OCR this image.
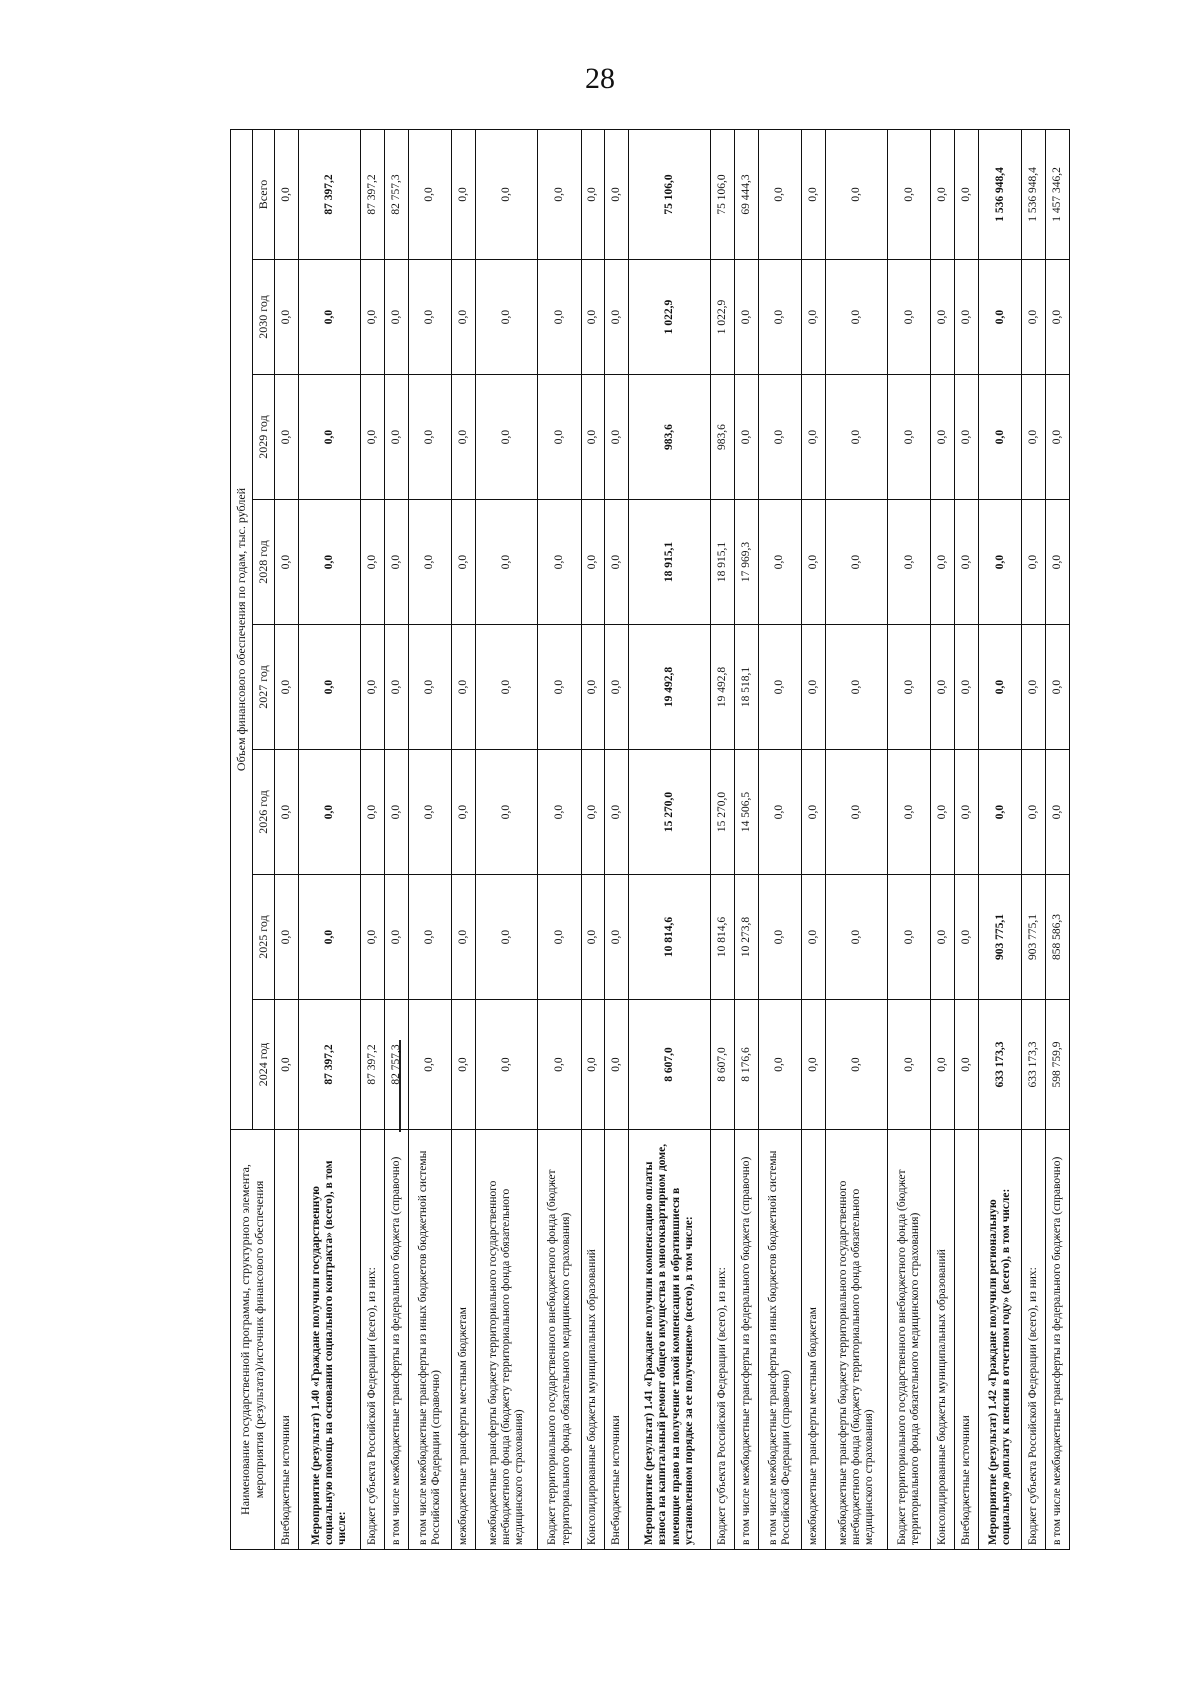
28
Наименование государственной программы, структурного элемента, мероприятия (результата)/источник финансового обеспечения	Объем финансового обеспечения по годам, тыс. рублей							
	2024 год	2025 год	2026 год	2027 год	2028 год	2029 год	2030 год	Всего
Внебюджетные источники	0,0	0,0	0,0	0,0	0,0	0,0	0,0	0,0
Мероприятие (результат) 1.40 «Граждане получили государственную социальную помощь на основании социального контракта» (всего), в том числе:	87 397,2	0,0	0,0	0,0	0,0	0,0	0,0	87 397,2
Бюджет субъекта Российской Федерации (всего), из них:	87 397,2	0,0	0,0	0,0	0,0	0,0	0,0	87 397,2
в том числе межбюджетные трансферты из федерального бюджета (справочно)	82 757,3	0,0	0,0	0,0	0,0	0,0	0,0	82 757,3
в том числе межбюджетные трансферты из иных бюджетов бюджетной системы Российской Федерации (справочно)	0,0	0,0	0,0	0,0	0,0	0,0	0,0	0,0
межбюджетные трансферты местным бюджетам	0,0	0,0	0,0	0,0	0,0	0,0	0,0	0,0
межбюджетные трансферты бюджету территориального государственного внебюджетного фонда (бюджету территориального фонда обязательного медицинского страхования)	0,0	0,0	0,0	0,0	0,0	0,0	0,0	0,0
Бюджет территориального государственного внебюджетного фонда (бюджет территориального фонда обязательного медицинского страхования)	0,0	0,0	0,0	0,0	0,0	0,0	0,0	0,0
Консолидированные бюджеты муниципальных образований	0,0	0,0	0,0	0,0	0,0	0,0	0,0	0,0
Внебюджетные источники	0,0	0,0	0,0	0,0	0,0	0,0	0,0	0,0
Мероприятие (результат) 1.41 «Граждане получили компенсацию оплаты взноса на капитальный ремонт общего имущества в многоквартирном доме, имеющие право на получение такой компенсации и обратившиеся в установленном порядке за ее получением» (всего), в том числе:	8 607,0	10 814,6	15 270,0	19 492,8	18 915,1	983,6	1 022,9	75 106,0
Бюджет субъекта Российской Федерации (всего), из них:	8 607,0	10 814,6	15 270,0	19 492,8	18 915,1	983,6	1 022,9	75 106,0
в том числе межбюджетные трансферты из федерального бюджета (справочно)	8 176,6	10 273,8	14 506,5	18 518,1	17 969,3	0,0	0,0	69 444,3
в том числе межбюджетные трансферты из иных бюджетов бюджетной системы Российской Федерации (справочно)	0,0	0,0	0,0	0,0	0,0	0,0	0,0	0,0
межбюджетные трансферты местным бюджетам	0,0	0,0	0,0	0,0	0,0	0,0	0,0	0,0
межбюджетные трансферты бюджету территориального государственного внебюджетного фонда (бюджету территориального фонда обязательного медицинского страхования)	0,0	0,0	0,0	0,0	0,0	0,0	0,0	0,0
Бюджет территориального государственного внебюджетного фонда (бюджет территориального фонда обязательного медицинского страхования)	0,0	0,0	0,0	0,0	0,0	0,0	0,0	0,0
Консолидированные бюджеты муниципальных образований	0,0	0,0	0,0	0,0	0,0	0,0	0,0	0,0
Внебюджетные источники	0,0	0,0	0,0	0,0	0,0	0,0	0,0	0,0
Мероприятие (результат) 1.42 «Граждане получили региональную социальную доплату к пенсии в отчетном году» (всего), в том числе:	633 173,3	903 775,1	0,0	0,0	0,0	0,0	0,0	1 536 948,4
Бюджет субъекта Российской Федерации (всего), из них:	633 173,3	903 775,1	0,0	0,0	0,0	0,0	0,0	1 536 948,4
в том числе межбюджетные трансферты из федерального бюджета (справочно)	598 759,9	858 586,3	0,0	0,0	0,0	0,0	0,0	1 457 346,2
